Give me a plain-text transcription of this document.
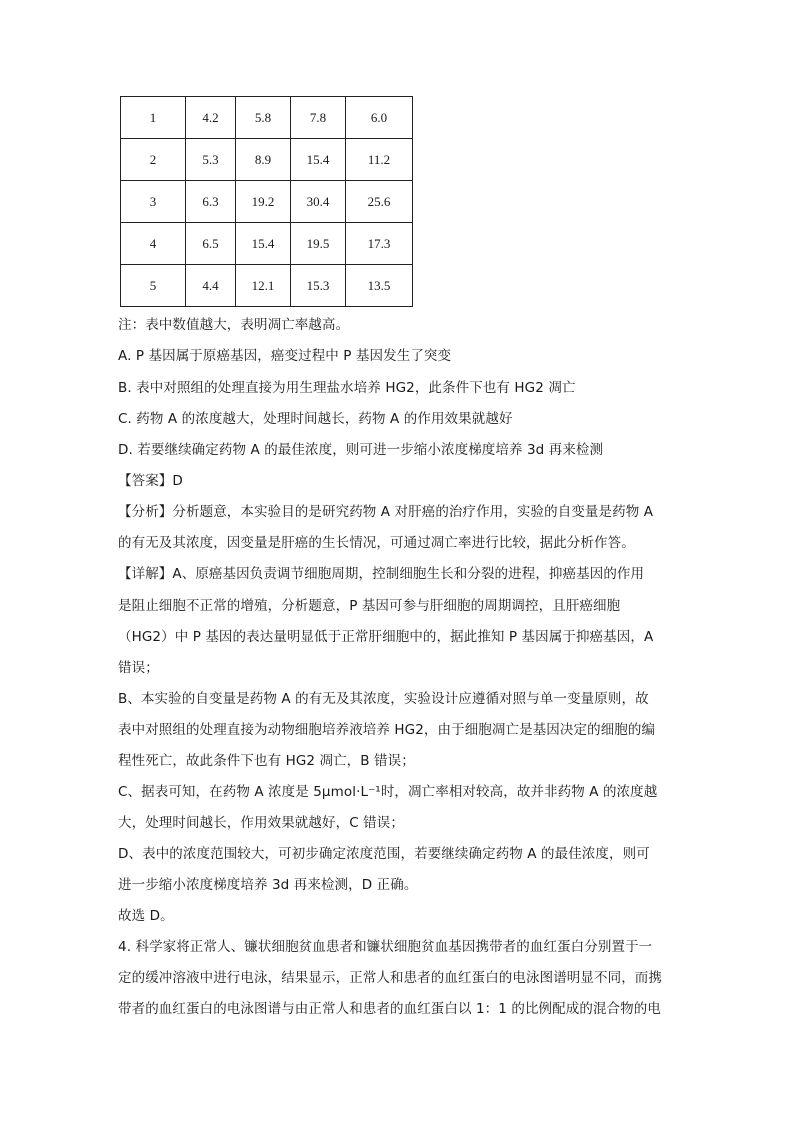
1	4.2	5.8	7.8	6.0
2	5.3	8.9	15.4	11.2
3	6.3	19.2	30.4	25.6
4	6.5	15.4	19.5	17.3
5	4.4	12.1	15.3	13.5
注：表中数值越大，表明凋亡率越高。
A. P 基因属于原癌基因，癌变过程中 P 基因发生了突变
B. 表中对照组的处理直接为用生理盐水培养 HG2，此条件下也有 HG2 凋亡
C. 药物 A 的浓度越大，处理时间越长，药物 A 的作用效果就越好
D. 若要继续确定药物 A 的最佳浓度，则可进一步缩小浓度梯度培养 3d 再来检测
【答案】D
【分析】分析题意，本实验目的是研究药物 A 对肝癌的治疗作用，实验的自变量是药物 A
的有无及其浓度，因变量是肝癌的生长情况，可通过凋亡率进行比较，据此分析作答。
【详解】A、原癌基因负责调节细胞周期，控制细胞生长和分裂的进程，抑癌基因的作用
是阻止细胞不正常的增殖，分析题意，P 基因可参与肝细胞的周期调控，且肝癌细胞
（HG2）中 P 基因的表达量明显低于正常肝细胞中的，据此推知 P 基因属于抑癌基因，A
错误；
B、本实验的自变量是药物 A 的有无及其浓度，实验设计应遵循对照与单一变量原则，故
表中对照组的处理直接为动物细胞培养液培养 HG2，由于细胞凋亡是基因决定的细胞的编
程性死亡，故此条件下也有 HG2 凋亡，B 错误；
C、据表可知，在药物 A 浓度是 5μmol·L⁻¹时，凋亡率相对较高，故并非药物 A 的浓度越
大，处理时间越长，作用效果就越好，C 错误；
D、表中的浓度范围较大，可初步确定浓度范围，若要继续确定药物 A 的最佳浓度，则可
进一步缩小浓度梯度培养 3d 再来检测，D 正确。
故选 D。
4. 科学家将正常人、镰状细胞贫血患者和镰状细胞贫血基因携带者的血红蛋白分别置于一
定的缓冲溶液中进行电泳，结果显示，正常人和患者的血红蛋白的电泳图谱明显不同，而携
带者的血红蛋白的电泳图谱与由正常人和患者的血红蛋白以 1：1 的比例配成的混合物的电
